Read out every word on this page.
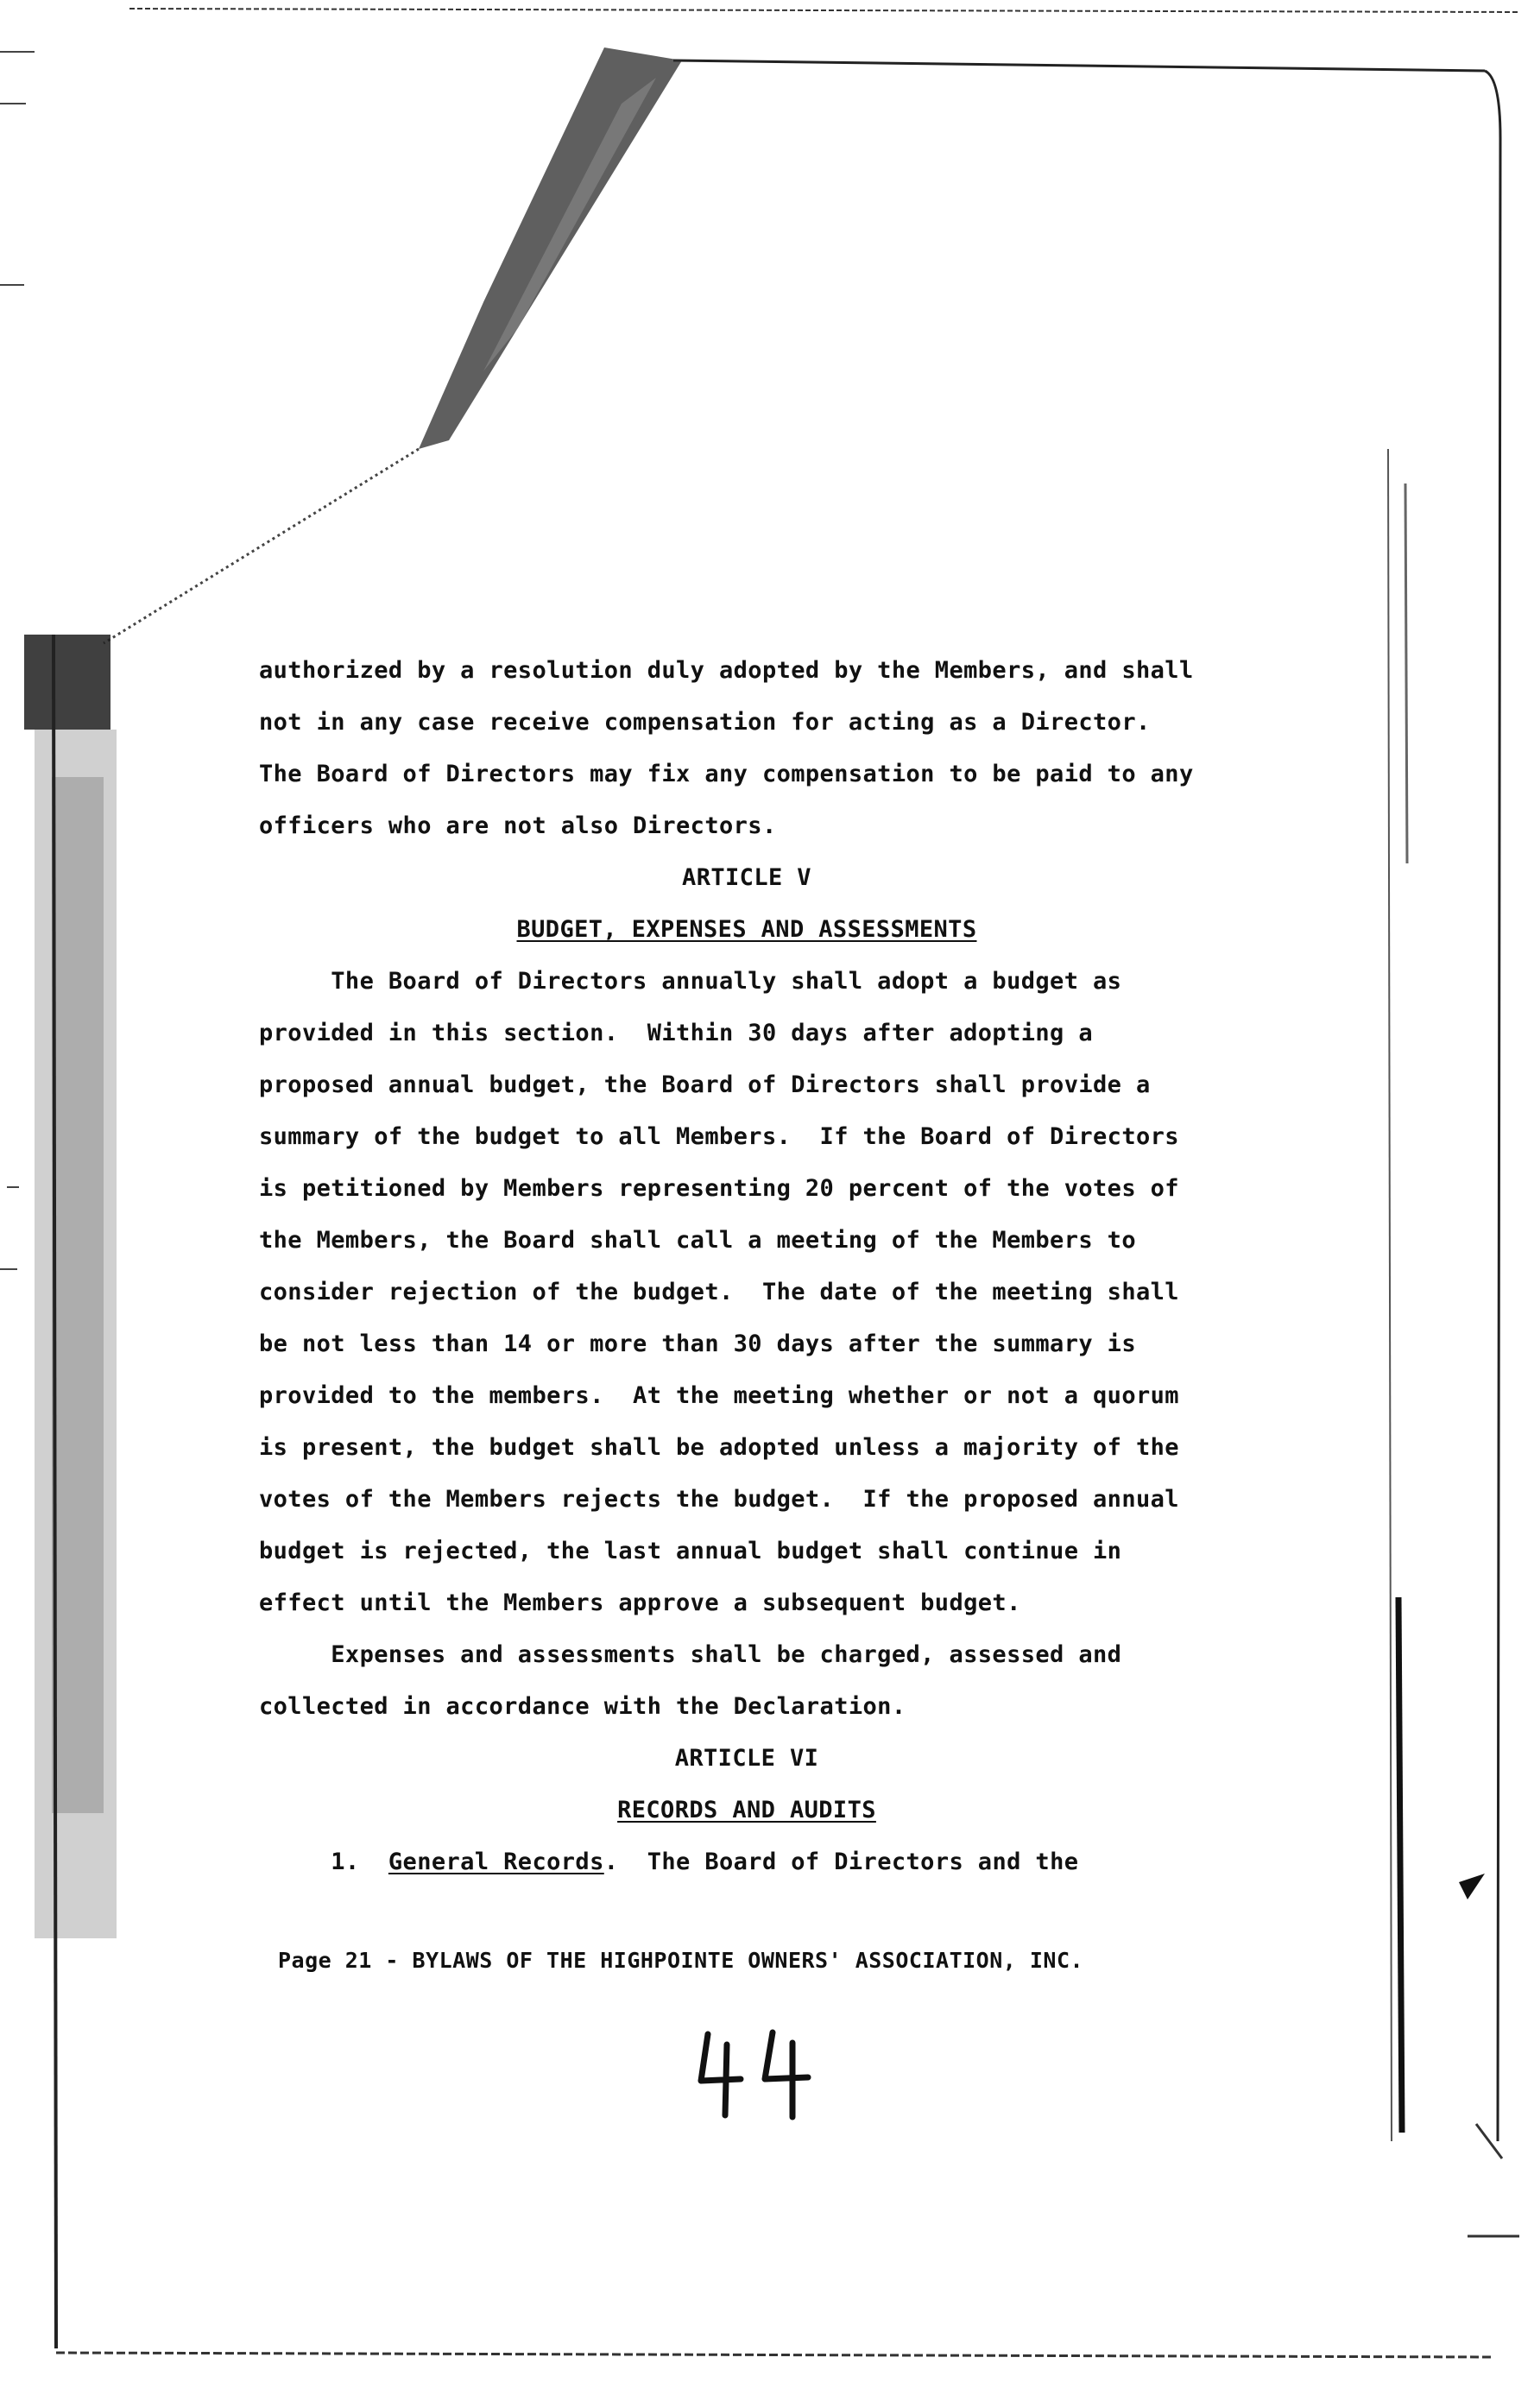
authorized by a resolution duly adopted by the Members, and shall
not in any case receive compensation for acting as a Director.
The Board of Directors may fix any compensation to be paid to any
officers who are not also Directors.
ARTICLE V
BUDGET, EXPENSES AND ASSESSMENTS
The Board of Directors annually shall adopt a budget as
provided in this section.  Within 30 days after adopting a
proposed annual budget, the Board of Directors shall provide a
summary of the budget to all Members.  If the Board of Directors
is petitioned by Members representing 20 percent of the votes of
the Members, the Board shall call a meeting of the Members to
consider rejection of the budget.  The date of the meeting shall
be not less than 14 or more than 30 days after the summary is
provided to the members.  At the meeting whether or not a quorum
is present, the budget shall be adopted unless a majority of the
votes of the Members rejects the budget.  If the proposed annual
budget is rejected, the last annual budget shall continue in
effect until the Members approve a subsequent budget.
Expenses and assessments shall be charged, assessed and
collected in accordance with the Declaration.
ARTICLE VI
RECORDS AND AUDITS
1.  General Records.  The Board of Directors and the
Page 21 - BYLAWS OF THE HIGHPOINTE OWNERS' ASSOCIATION, INC.
